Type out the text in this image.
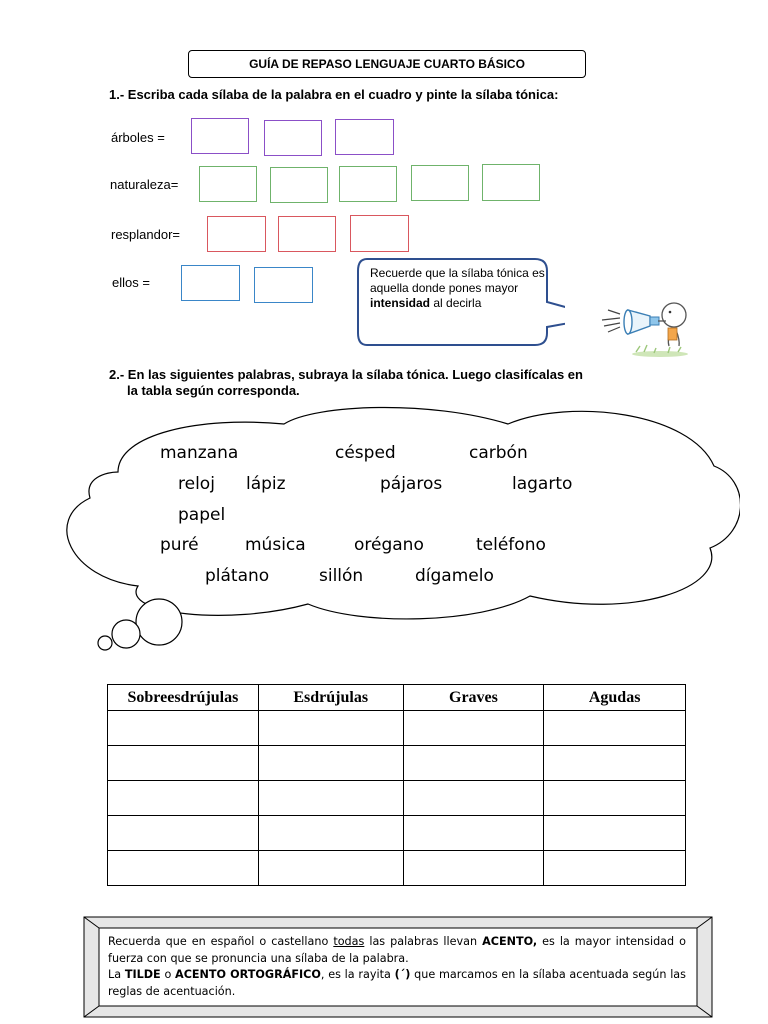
GUÍA DE REPASO LENGUAJE CUARTO BÁSICO
1.- Escriba cada sílaba de la palabra en el cuadro y pinte la sílaba tónica:
árboles =
naturaleza=
resplandor=
ellos =
Recuerde que la sílaba tónica es aquella donde pones mayor intensidad al decirla
2.- En las siguientes palabras, subraya la sílaba tónica. Luego clasifícalas en
la tabla según corresponda.
manzana	césped	carbón
reloj lápiz	pájaros	lagarto
papel
puré	música	orégano	teléfono
plátano	sillón	dígamelo
Sobreesdrújulas	Esdrújulas	Graves	Agudas

Recuerda que en español o castellano todas las palabras llevan ACENTO, es la mayor intensidad o fuerza con que se pronuncia una sílaba de la palabra.

La TILDE o ACENTO ORTOGRÁFICO, es la rayita (´) que marcamos en la sílaba acentuada según las reglas de acentuación.
